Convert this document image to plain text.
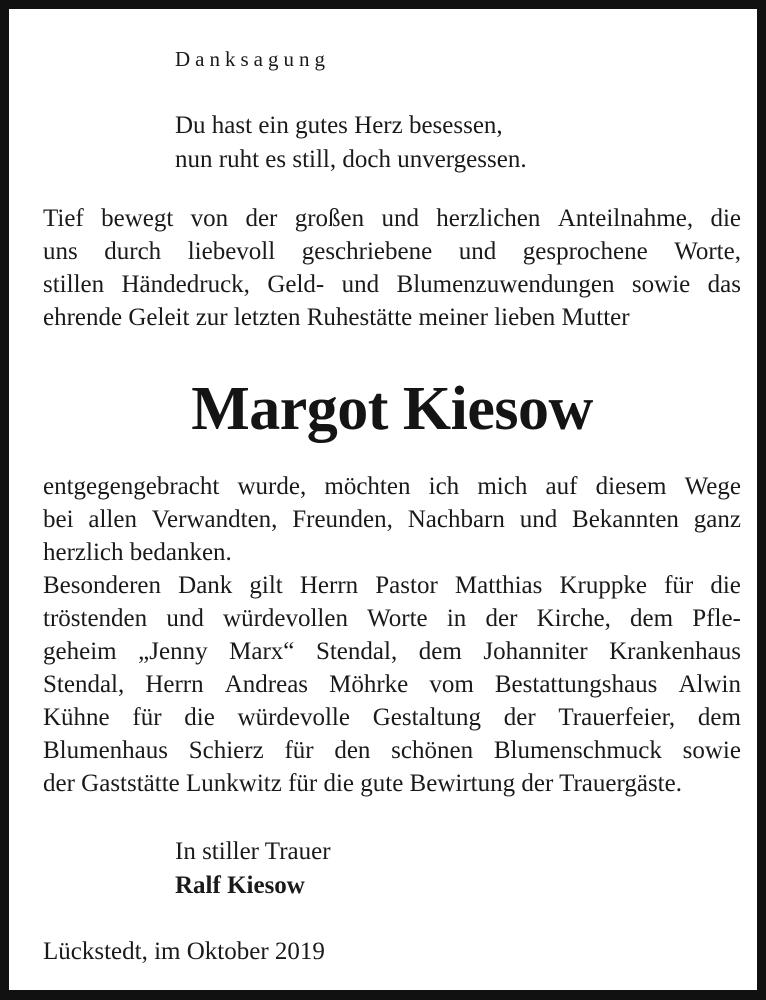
Danksagung
Du hast ein gutes Herz besessen,
nun ruht es still, doch unvergessen.
Tief bewegt von der großen und herzlichen Anteilnahme, die
uns durch liebevoll geschriebene und gesprochene Worte,
stillen Händedruck, Geld- und Blumenzuwendungen sowie das
ehrende Geleit zur letzten Ruhestätte meiner lieben Mutter
Margot Kiesow
entgegengebracht wurde, möchten ich mich auf diesem Wege
bei allen Verwandten, Freunden, Nachbarn und Bekannten ganz
herzlich bedanken.
Besonderen Dank gilt Herrn Pastor Matthias Kruppke für die
tröstenden und würdevollen Worte in der Kirche, dem Pfle-
geheim „Jenny Marx“ Stendal, dem Johanniter Krankenhaus
Stendal, Herrn Andreas Möhrke vom Bestattungshaus Alwin
Kühne für die würdevolle Gestaltung der Trauerfeier, dem
Blumenhaus Schierz für den schönen Blumenschmuck sowie
der Gaststätte Lunkwitz für die gute Bewirtung der Trauergäste.
In stiller Trauer
Ralf Kiesow
Lückstedt, im Oktober 2019
